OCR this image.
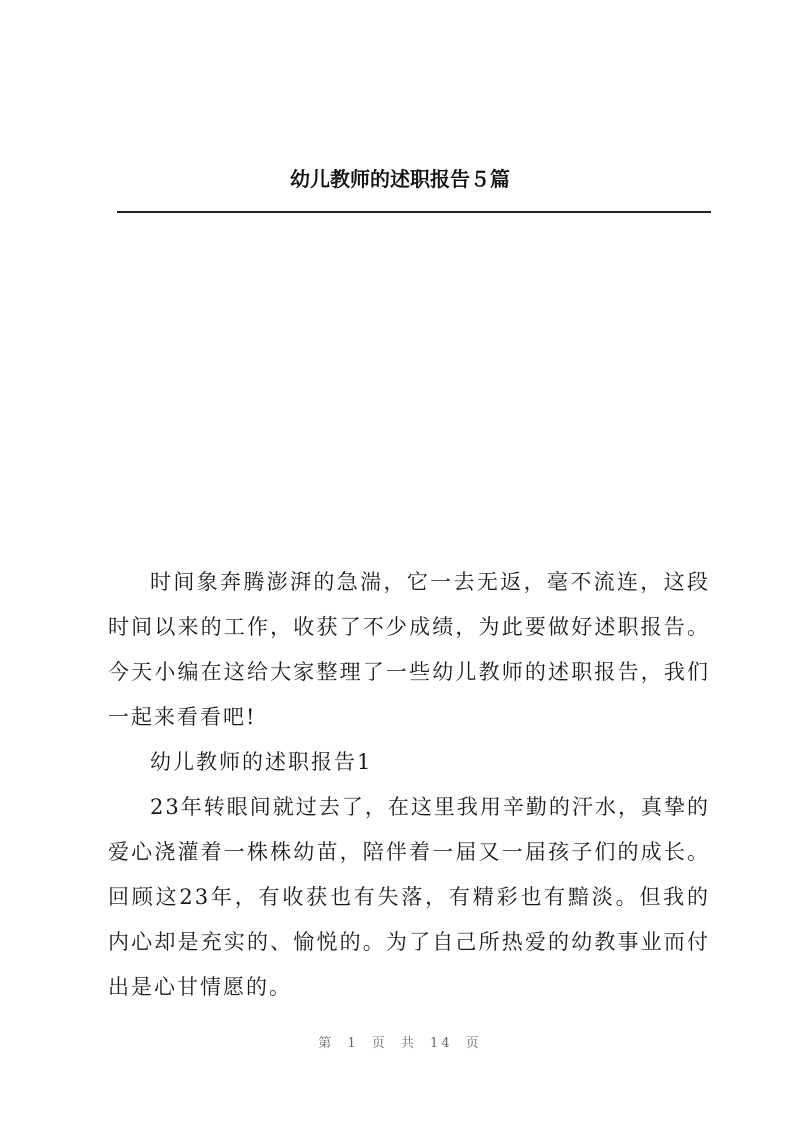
幼儿教师的述职报告５篇

时间象奔腾澎湃的急湍，它一去无返，毫不流连，这段时间以来的工作，收获了不少成绩，为此要做好述职报告。今天小编在这给大家整理了一些幼儿教师的述职报告，我们一起来看看吧!

幼儿教师的述职报告1

23年转眼间就过去了，在这里我用辛勤的汗水，真挚的爱心浇灌着一株株幼苗，陪伴着一届又一届孩子们的成长。回顾这23年，有收获也有失落，有精彩也有黯淡。但我的内心却是充实的、愉悦的。为了自己所热爱的幼教事业而付出是心甘情愿的。

第 1 页 共 14 页
